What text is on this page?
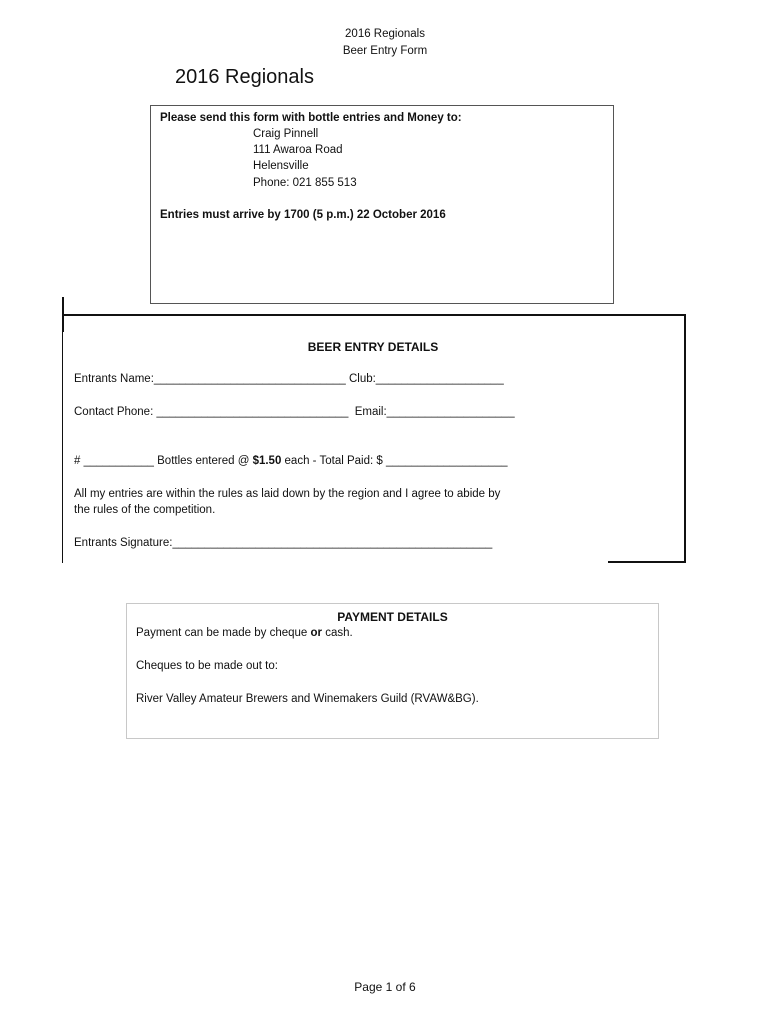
2016 Regionals
Beer Entry Form
2016 Regionals
Please send this form with bottle entries and Money to:
Craig Pinnell
111 Awaroa Road
Helensville
Phone: 021 855 513
Entries must arrive by 1700 (5 p.m.) 22 October 2016
BEER ENTRY DETAILS
Entrants Name:______________________________ Club:____________________
Contact Phone: ______________________________  Email:____________________
# ___________ Bottles entered @ $1.50 each - Total Paid: $ ___________________
All my entries are within the rules as laid down by the region and I agree to abide by
the rules of the competition.
Entrants Signature:__________________________________________________
PAYMENT DETAILS
Payment can be made by cheque or cash.
Cheques to be made out to:
River Valley Amateur Brewers and Winemakers Guild (RVAW&BG).
Page 1 of 6
